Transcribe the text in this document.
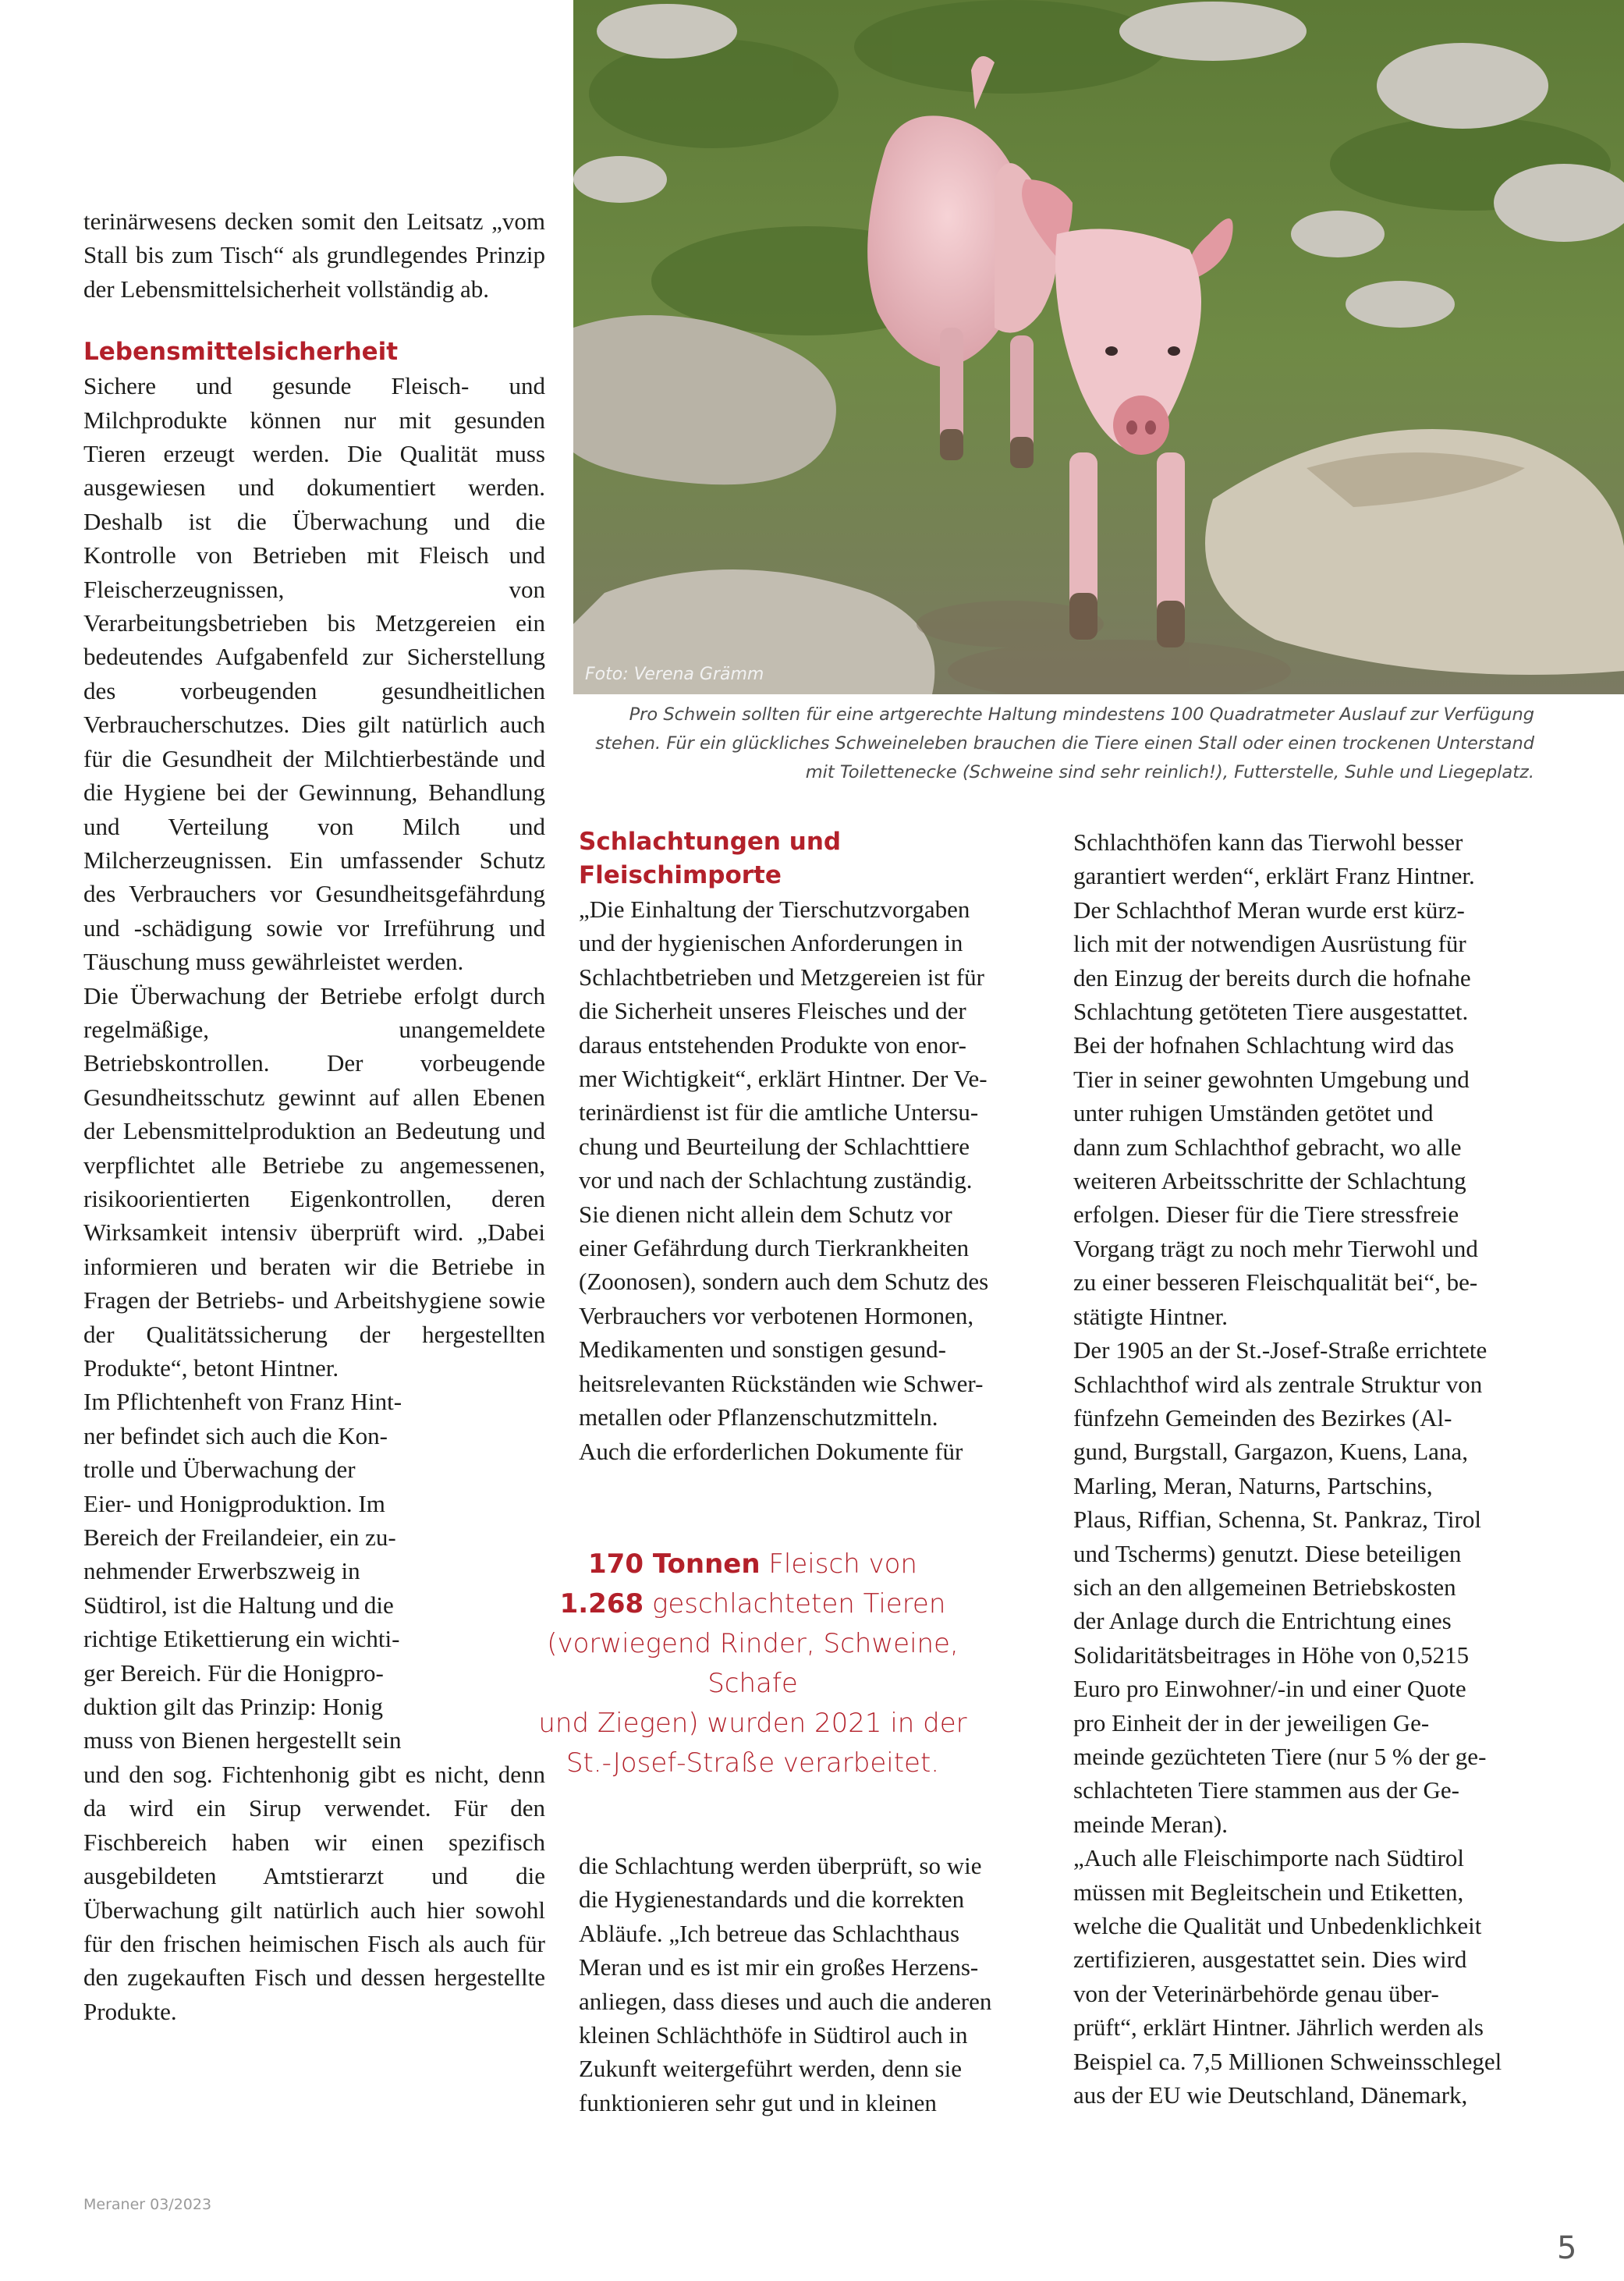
Foto: Verena Grämm

Pro Schwein sollten für eine artgerechte Haltung mindestens 100 Quadratmeter Auslauf zur Verfügung
stehen. Für ein glückliches Schweineleben brauchen die Tiere einen Stall oder einen trockenen Unterstand
mit Toilettenecke (Schweine sind sehr reinlich!), Futterstelle, Suhle und Liegeplatz.

terinärwesens decken somit den Leitsatz „vom Stall bis zum Tisch“ als grundlegendes Prinzip der Lebensmittelsicherheit vollständig ab.

Lebensmittelsicherheit

Sichere und gesunde Fleisch- und Milchprodukte können nur mit gesunden Tieren erzeugt werden. Die Qualität muss ausgewiesen und dokumentiert werden. Deshalb ist die Überwachung und die Kontrolle von Betrieben mit Fleisch und Fleischerzeugnissen, von Verarbeitungsbetrieben bis Metzgereien ein bedeutendes Aufgabenfeld zur Sicherstellung des vorbeugenden gesundheitlichen Verbraucherschutzes. Dies gilt natürlich auch für die Gesundheit der Milchtierbestände und die Hygiene bei der Gewinnung, Behandlung und Verteilung von Milch und Milcherzeugnissen. Ein umfassender Schutz des Verbrauchers vor Gesundheitsgefährdung und -schädigung sowie vor Irreführung und Täuschung muss gewährleistet werden.

Die Überwachung der Betriebe erfolgt durch regelmäßige, unangemeldete Betriebskontrollen. Der vorbeugende Gesundheitsschutz gewinnt auf allen Ebenen der Lebensmittelproduktion an Bedeutung und verpflichtet alle Betriebe zu angemessenen, risikoorientierten Eigenkontrollen, deren Wirksamkeit intensiv überprüft wird. „Dabei informieren und beraten wir die Betriebe in Fragen der Betriebs- und Arbeitshygiene sowie der Qualitätssicherung der hergestellten Produkte“, betont Hintner.

Im Pflichtenheft von Franz Hint-

ner befindet sich auch die Kon-

trolle und Überwachung der

Eier- und Honigproduktion. Im

Bereich der Freilandeier, ein zu-

nehmender Erwerbszweig in

Südtirol, ist die Haltung und die

richtige Etikettierung ein wichti-

ger Bereich. Für die Honigpro-

duktion gilt das Prinzip: Honig

muss von Bienen hergestellt sein

und den sog. Fichtenhonig gibt es nicht, denn da wird ein Sirup verwendet. Für den Fischbereich haben wir einen spezifisch ausgebildeten Amtstierarzt und die Überwachung gilt natürlich auch hier sowohl für den frischen heimischen Fisch als auch für den zugekauften Fisch und dessen hergestellte Produkte.

Schlachtungen und Fleischimporte

„Die Einhaltung der Tierschutzvorgaben

und der hygienischen Anforderungen in

Schlachtbetrieben und Metzgereien ist für

die Sicherheit unseres Fleisches und der

daraus entstehenden Produkte von enor-

mer Wichtigkeit“, erklärt Hintner. Der Ve-

terinärdienst ist für die amtliche Untersu-

chung und Beurteilung der Schlachttiere

vor und nach der Schlachtung zuständig.

Sie dienen nicht allein dem Schutz vor

einer Gefährdung durch Tierkrankheiten

(Zoonosen), sondern auch dem Schutz des

Verbrauchers vor verbotenen Hormonen,

Medikamenten und sonstigen gesund-

heitsrelevanten Rückständen wie Schwer-

metallen oder Pflanzenschutzmitteln.

Auch die erforderlichen Dokumente für

170 Tonnen Fleisch von
1.268 geschlachteten Tieren
(vorwiegend Rinder, Schweine, Schafe
und Ziegen) wurden 2021 in der
St.-Josef-Straße verarbeitet.

die Schlachtung werden überprüft, so wie

die Hygienestandards und die korrekten

Abläufe. „Ich betreue das Schlachthaus

Meran und es ist mir ein großes Herzens-

anliegen, dass dieses und auch die anderen

kleinen Schlächthöfe in Südtirol auch in

Zukunft weitergeführt werden, denn sie

funktionieren sehr gut und in kleinen

Schlachthöfen kann das Tierwohl besser

garantiert werden“, erklärt Franz Hintner.

Der Schlachthof Meran wurde erst kürz-

lich mit der notwendigen Ausrüstung für

den Einzug der bereits durch die hofnahe

Schlachtung getöteten Tiere ausgestattet.

Bei der hofnahen Schlachtung wird das

Tier in seiner gewohnten Umgebung und

unter ruhigen Umständen getötet und

dann zum Schlachthof gebracht, wo alle

weiteren Arbeitsschritte der Schlachtung

erfolgen. Dieser für die Tiere stressfreie

Vorgang trägt zu noch mehr Tierwohl und

zu einer besseren Fleischqualität bei“, be-

stätigte Hintner.

Der 1905 an der St.-Josef-Straße errichtete

Schlachthof wird als zentrale Struktur von

fünfzehn Gemeinden des Bezirkes (Al-

gund, Burgstall, Gargazon, Kuens, Lana,

Marling, Meran, Naturns, Partschins,

Plaus, Riffian, Schenna, St. Pankraz, Tirol

und Tscherms) genutzt. Diese beteiligen

sich an den allgemeinen Betriebskosten

der Anlage durch die Entrichtung eines

Solidaritätsbeitrages in Höhe von 0,5215

Euro pro Einwohner/-in und einer Quote

pro Einheit der in der jeweiligen Ge-

meinde gezüchteten Tiere (nur 5 % der ge-

schlachteten Tiere stammen aus der Ge-

meinde Meran).

„Auch alle Fleischimporte nach Südtirol

müssen mit Begleitschein und Etiketten,

welche die Qualität und Unbedenklichkeit

zertifizieren, ausgestattet sein. Dies wird

von der Veterinärbehörde genau über-

prüft“, erklärt Hintner. Jährlich werden als

Beispiel ca. 7,5 Millionen Schweinsschlegel

aus der EU wie Deutschland, Dänemark,

Meraner 03/2023
5
